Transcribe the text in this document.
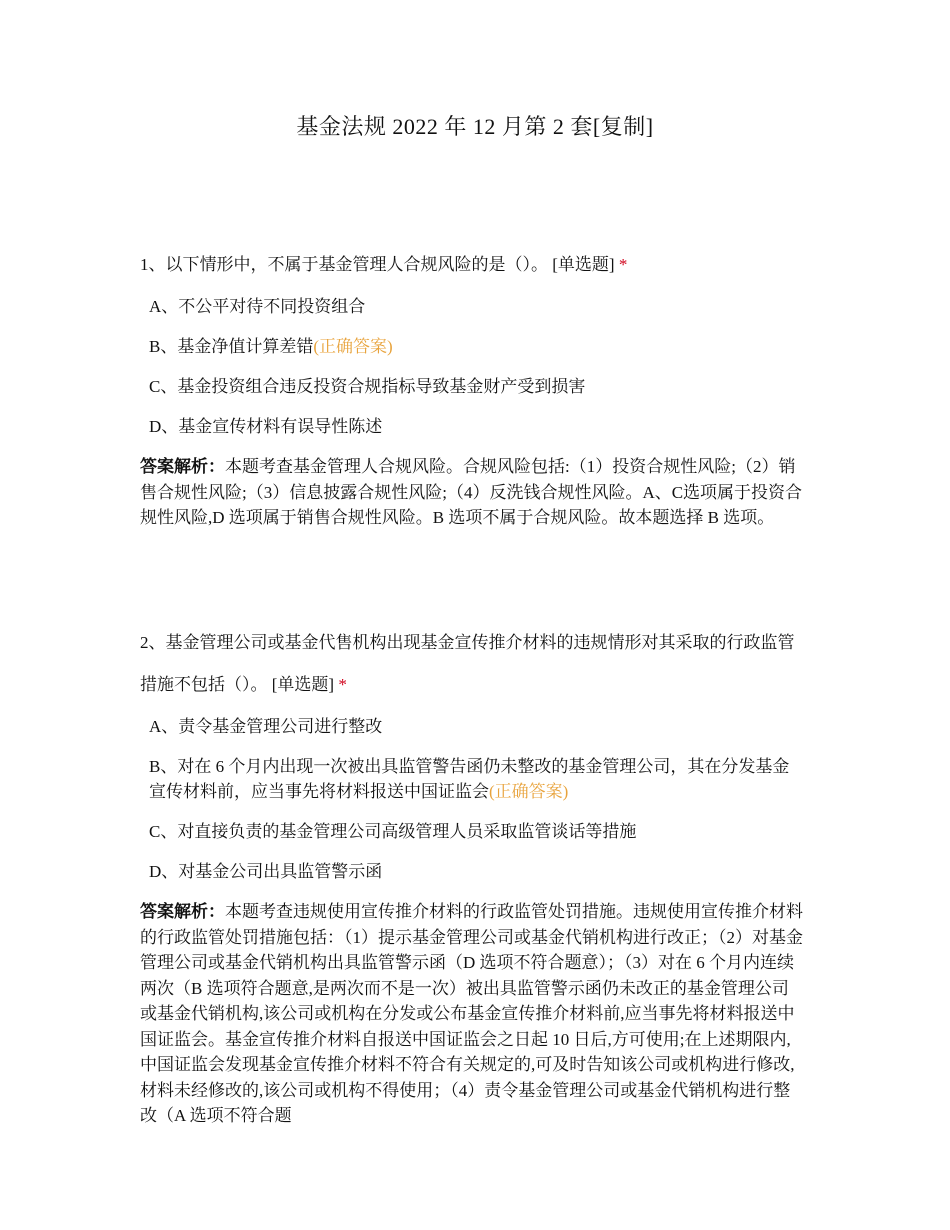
基金法规 2022 年 12 月第 2 套[复制]

1、以下情形中，不属于基金管理人合规风险的是（）。 [单选题] *

A、不公平对待不同投资组合
B、基金净值计算差错(正确答案)
C、基金投资组合违反投资合规指标导致基金财产受到损害
D、基金宣传材料有误导性陈述

答案解析：本题考查基金管理人合规风险。合规风险包括:（1）投资合规性风险;（2）销售合规性风险;（3）信息披露合规性风险;（4）反洗钱合规性风险。A、C选项属于投资合规性风险,D 选项属于销售合规性风险。B 选项不属于合规风险。故本题选择 B 选项。

2、基金管理公司或基金代售机构出现基金宣传推介材料的违规情形对其采取的行政监管措施不包括（）。 [单选题] *

A、责令基金管理公司进行整改
B、对在 6 个月内出现一次被出具监管警告函仍未整改的基金管理公司，其在分发基金宣传材料前，应当事先将材料报送中国证监会(正确答案)
C、对直接负责的基金管理公司高级管理人员采取监管谈话等措施
D、对基金公司出具监管警示函

答案解析：本题考查违规使用宣传推介材料的行政监管处罚措施。违规使用宣传推介材料的行政监管处罚措施包括：（1）提示基金管理公司或基金代销机构进行改正；（2）对基金管理公司或基金代销机构出具监管警示函（D 选项不符合题意）；（3）对在 6 个月内连续两次（B 选项符合题意,是两次而不是一次）被出具监管警示函仍未改正的基金管理公司或基金代销机构,该公司或机构在分发或公布基金宣传推介材料前,应当事先将材料报送中国证监会。基金宣传推介材料自报送中国证监会之日起 10 日后,方可使用;在上述期限内,中国证监会发现基金宣传推介材料不符合有关规定的,可及时告知该公司或机构进行修改,材料未经修改的,该公司或机构不得使用；（4）责令基金管理公司或基金代销机构进行整改（A 选项不符合题
